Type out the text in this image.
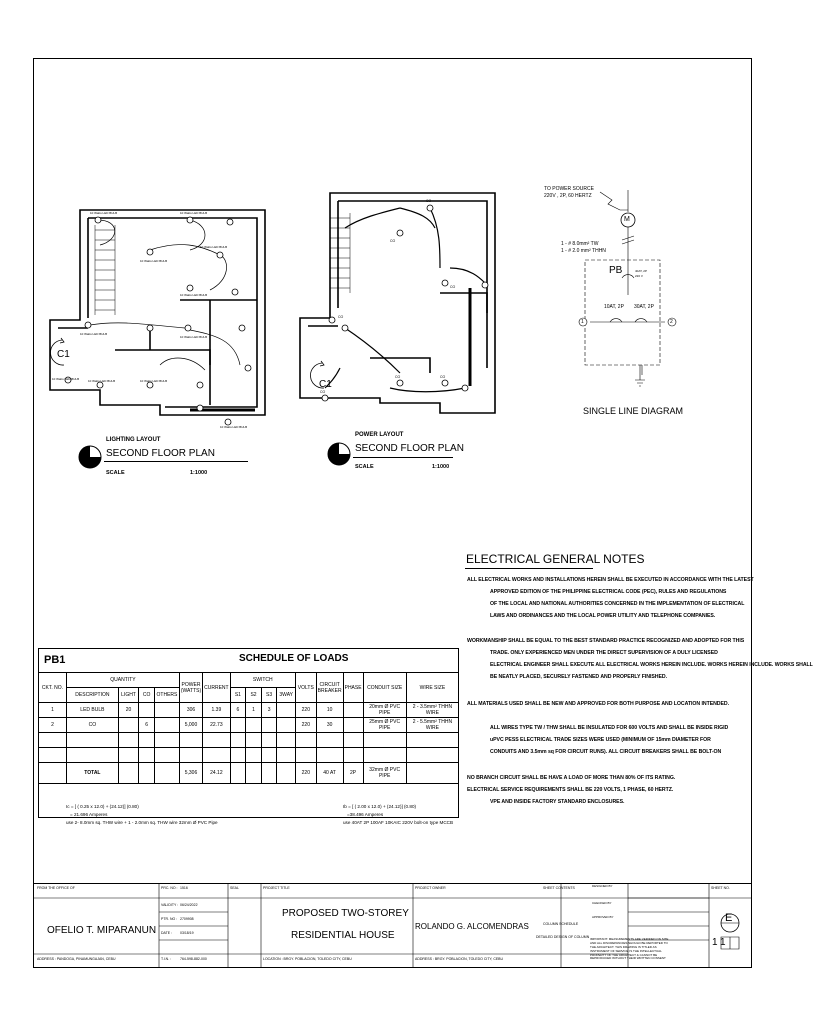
10 Watts LED BULB	10 Watts LED BULB
10 Watts LED BULB
10 Watts LED BULB
10 Watts LED BULB
10 Watts LED BULB
10 Watts LED BULB
10 Watts LED BULB	10 Watts LED BULB	10 Watts LED BULB
10 Watts LED BULB
C1
LIGHTING LAYOUT
SECOND FLOOR PLAN
SCALE	1:1000
CO
CO
CO
CO
CO
CO	CO
C1
POWER LAYOUT
SECOND FLOOR PLAN
SCALE	1:1000
TO POWER SOURCE
220V , 2P, 60 HERTZ
M
1 - # 8.0mm² TW
1 - # 2.0 mm² THHN
PB	40AT, 2P
220 V
10AT, 2P 30AT, 2P
1	2
SINGLE LINE DIAGRAM
ELECTRICAL GENERAL NOTES
ALL ELECTRICAL WORKS AND INSTALLATIONS HEREIN SHALL BE EXECUTED IN ACCORDANCE WITH THE LATEST
APPROVED EDITION OF THE PHILIPPINE ELECTRICAL CODE (PEC), RULES AND REGULATIONS
OF THE LOCAL AND NATIONAL AUTHORITIES CONCERNED IN THE IMPLEMENTATION OF ELECTRICAL
LAWS AND ORDINANCES AND THE LOCAL POWER UTILITY AND TELEPHONE COMPANIES.
WORKMANSHIP SHALL BE EQUAL TO THE BEST STANDARD PRACTICE RECOGNIZED AND ADOPTED FOR THIS
TRADE. ONLY EXPERIENCED MEN UNDER THE DIRECT SUPERVISION OF A DULY LICENSED
ELECTRICAL ENGINEER SHALL EXECUTE ALL ELECTRICAL WORKS HEREIN INCLUDE. WORKS HEREIN INCLUDE. WORKS SHALL
BE NEATLY PLACED, SECURELY FASTENED AND PROPERLY FINISHED.
ALL MATERIALS USED SHALL BE NEW AND APPROVED FOR BOTH PURPOSE AND LOCATION INTENDED.
ALL WIRES TYPE TW / THW SHALL BE INSULATED FOR 600 VOLTS AND SHALL BE INSIDE RIGID
uPVC PESS ELECTRICAL TRADE SIZES WERE USED (MINIMUM OF 15mm DIAMETER FOR
CONDUITS AND 3.5mm sq FOR CIRCUIT RUNS). ALL CIRCUIT BREAKERS SHALL BE BOLT-ON
NO BRANCH CIRCUIT SHALL BE HAVE A LOAD OF MORE THAN 80% OF ITS RATING.
ELECTRICAL SERVICE REQUIREMENTS SHALL BE 220 VOLTS, 1 PHASE, 60 HERTZ.
VPE AND INSIDE FACTORY STANDARD ENCLOSURES.
PB1	SCHEDULE OF LOADS
CKT. NO.	QUANTITY				POWER (WATTS)	CURRENT	SWITCH				VOLTS	CIRCUIT BREAKER	PHASE	CONDUIT SIZE	WIRE SIZE
	DESCRIPTION	LIGHT	CO	OTHERS			S1	S2	S3	3WAY					
1	LED BULB	20			306	1.39	6	1	3		220	10		20mm Ø PVC PIPE	2 - 3.5mm² THHN WIRE
2	CO		6		5,000	22.73					220	30		25mm Ø PVC PIPE	2 - 5.5mm² THHN WIRE

	TOTAL				5,306	24.12					220	40 AT	2P	32mm Ø PVC PIPE	
Ic = [ ( 0.25 x 12.0) + (24.12)] (0.80)
= 21.696 Amperes
use 2- 8.0mm sq. THW wire + 1 - 2.0mm sq. THW wire 32mm Ø PVC Pipe
Ib = [ ( 2.00 x 12.0) + (24.12)] (0.80)
=38.496 Amperes
use 40AT 2P 100AF 10KAIC 220V bolt-on type MCCB
FROM THE OFFICE OF
OFELIO T. MIPARANUN
ADDRESS : PANDOGA, PINAMUNGAJAN, CEBU
PRC. NO : 1516
VALIDITY : 06/24/2022
PTR. NO : 2709908
DATE : 03/18/19
T.I.N. :	764-598-882-000
SEAL	PROJECT TITLE
PROPOSED TWO-STOREY
RESIDENTIAL HOUSE
LOCATION : BRGY. POBLACION, TOLEDO CITY, CEBU
PROJECT OWNER
ROLANDO G. ALCOMENDRAS
ADDRESS : BRGY. POBLACION, TOLEDO CITY, CEBU
SHEET CONTENTS
COLUMN SCHEDULE
DETAILED DESIGN OF COLUMN
DESIGNED BY
CHECKED BY
APPROVED BY
IMPORTANT: MEASUREMENTS ARE VERIFIED ON SITE AND ALL DISCREPANCIES SHOULD BE REPORTED TO THE ARCHITECT. THIS DRAWING IS TITLED AS INSTRUMENT OF SERVICE IS THE INTELLECTUAL PROPERTY OF THE ARCHITECT & CANNOT BE REPRODUCED WITHOUT THEIR WRITTEN CONSENT
SHEET NO.
E
1 1
